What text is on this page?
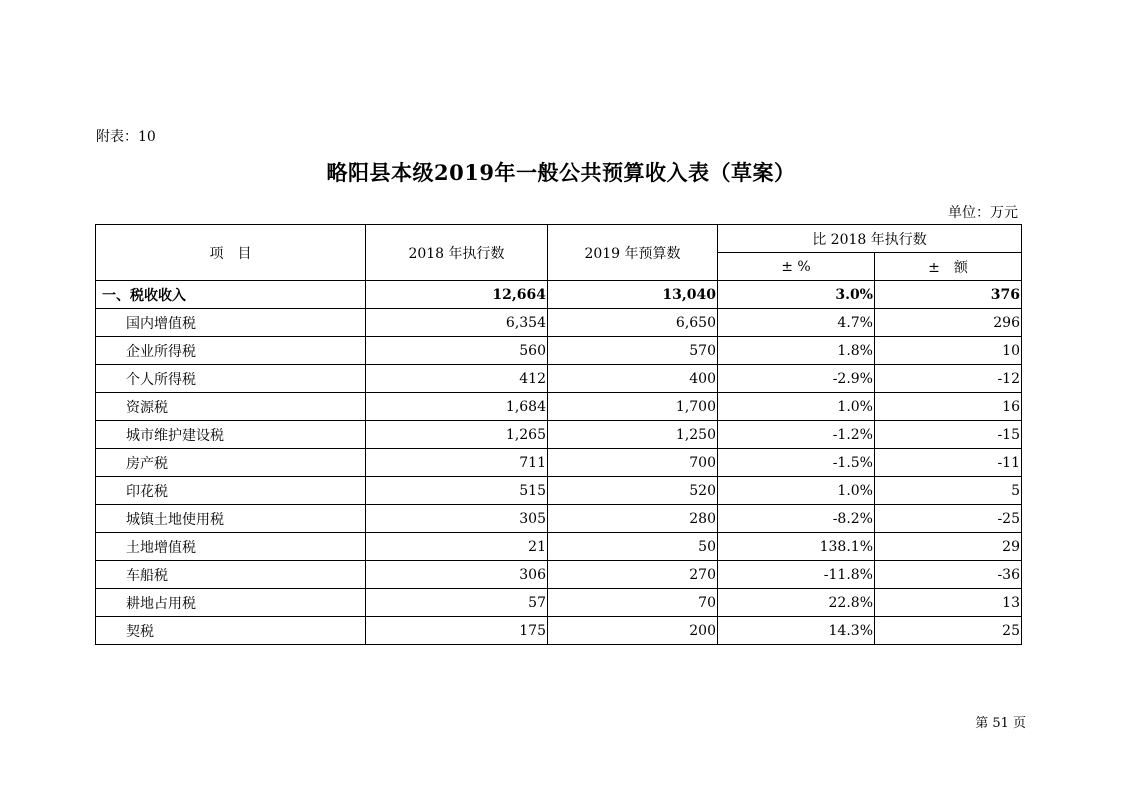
附表：10
略阳县本级2019年一般公共预算收入表（草案）
单位：万元
项　目	2018 年执行数	2019 年预算数	比 2018 年执行数	
			± %	±　额
一、税收收入	12,664	13,040	3.0%	376
国内增值税	6,354	6,650	4.7%	296
企业所得税	560	570	1.8%	10
个人所得税	412	400	-2.9%	-12
资源税	1,684	1,700	1.0%	16
城市维护建设税	1,265	1,250	-1.2%	-15
房产税	711	700	-1.5%	-11
印花税	515	520	1.0%	5
城镇土地使用税	305	280	-8.2%	-25
土地增值税	21	50	138.1%	29
车船税	306	270	-11.8%	-36
耕地占用税	57	70	22.8%	13
契税	175	200	14.3%	25
第 51 页
